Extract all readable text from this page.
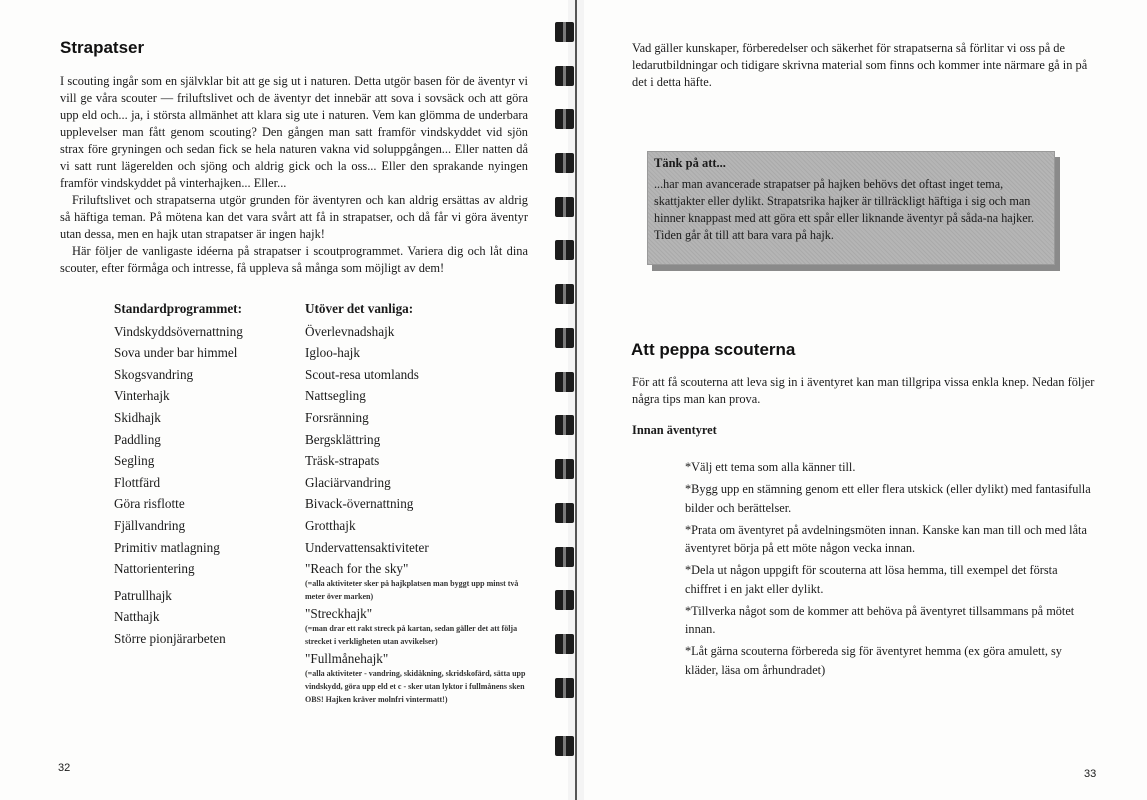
Strapatser

I scouting ingår som en självklar bit att ge sig ut i naturen. Detta utgör basen för de äventyr vi vill ge våra scouter — friluftslivet och de äventyr det innebär att sova i sovsäck och att göra upp eld och... ja, i största allmänhet att klara sig ute i naturen. Vem kan glömma de underbara upplevelser man fått genom scouting? Den gången man satt framför vindskyddet vid sjön strax före gryningen och sedan fick se hela naturen vakna vid soluppgången... Eller natten då vi satt runt lägerelden och sjöng och aldrig gick och la oss... Eller den sprakande nyingen framför vindskyddet på vinterhajken... Eller...

Friluftslivet och strapatserna utgör grunden för äventyren och kan aldrig ersättas av aldrig så häftiga teman. På mötena kan det vara svårt att få in strapatser, och då får vi göra äventyr utan dessa, men en hajk utan strapatser är ingen hajk!

Här följer de vanligaste idéerna på strapatser i scoutprogrammet. Variera dig och låt dina scouter, efter förmåga och intresse, få uppleva så många som möjligt av dem!

Standardprogrammet:
Vindskyddsövernattning
Sova under bar himmel
Skogsvandring
Vinterhajk
Skidhajk
Paddling
Segling
Flottfärd
Göra risflotte
Fjällvandring
Primitiv matlagning
Nattorientering
Patrullhajk
Natthajk
Större pionjärarbeten
Utöver det vanliga:
Överlevnadshajk
Igloo-hajk
Scout-resa utomlands
Nattsegling
Forsränning
Bergsklättring
Träsk-strapats
Glaciärvandring
Bivack-övernattning
Grotthajk
Undervattensaktiviteter
"Reach for the sky"
(=alla aktiviteter sker på hajkplatsen man byggt upp minst två meter över marken)
"Streckhajk"
(=man drar ett rakt streck på kartan, sedan gäller det att följa strecket i verkligheten utan avvikelser)
"Fullmånehajk"
(=alla aktiviteter - vandring, skidåkning, skridskofärd, sätta upp vindskydd, göra upp eld et c - sker utan lyktor i fullmånens sken OBS! Hajken kräver molnfri vintermatt!)
32

Vad gäller kunskaper, förberedelser och säkerhet för strapatserna så förlitar vi oss på de ledarutbildningar och tidigare skrivna material som finns och kommer inte närmare gå in på det i detta häfte.

Tänk på att...

...har man avancerade strapatser på hajken behövs det oftast inget tema, skattjakter eller dylikt. Strapatsrika hajker är tillräckligt häftiga i sig och man hinner knappast med att göra ett spår eller liknande äventyr på såda-na hajker. Tiden går åt till att bara vara på hajk.

Att peppa scouterna

För att få scouterna att leva sig in i äventyret kan man tillgripa vissa enkla knep. Nedan följer några tips man kan prova.

Innan äventyret

*Välj ett tema som alla känner till.
*Bygg upp en stämning genom ett eller flera utskick (eller dylikt) med fantasifulla bilder och berättelser.
*Prata om äventyret på avdelningsmöten innan. Kanske kan man till och med låta äventyret börja på ett möte någon vecka innan.
*Dela ut någon uppgift för scouterna att lösa hemma, till exempel det första chiffret i en jakt eller dylikt.
*Tillverka något som de kommer att behöva på äventyret tillsammans på mötet innan.
*Låt gärna scouterna förbereda sig för äventyret hemma (ex göra amulett, sy kläder, läsa om århundradet)
33
